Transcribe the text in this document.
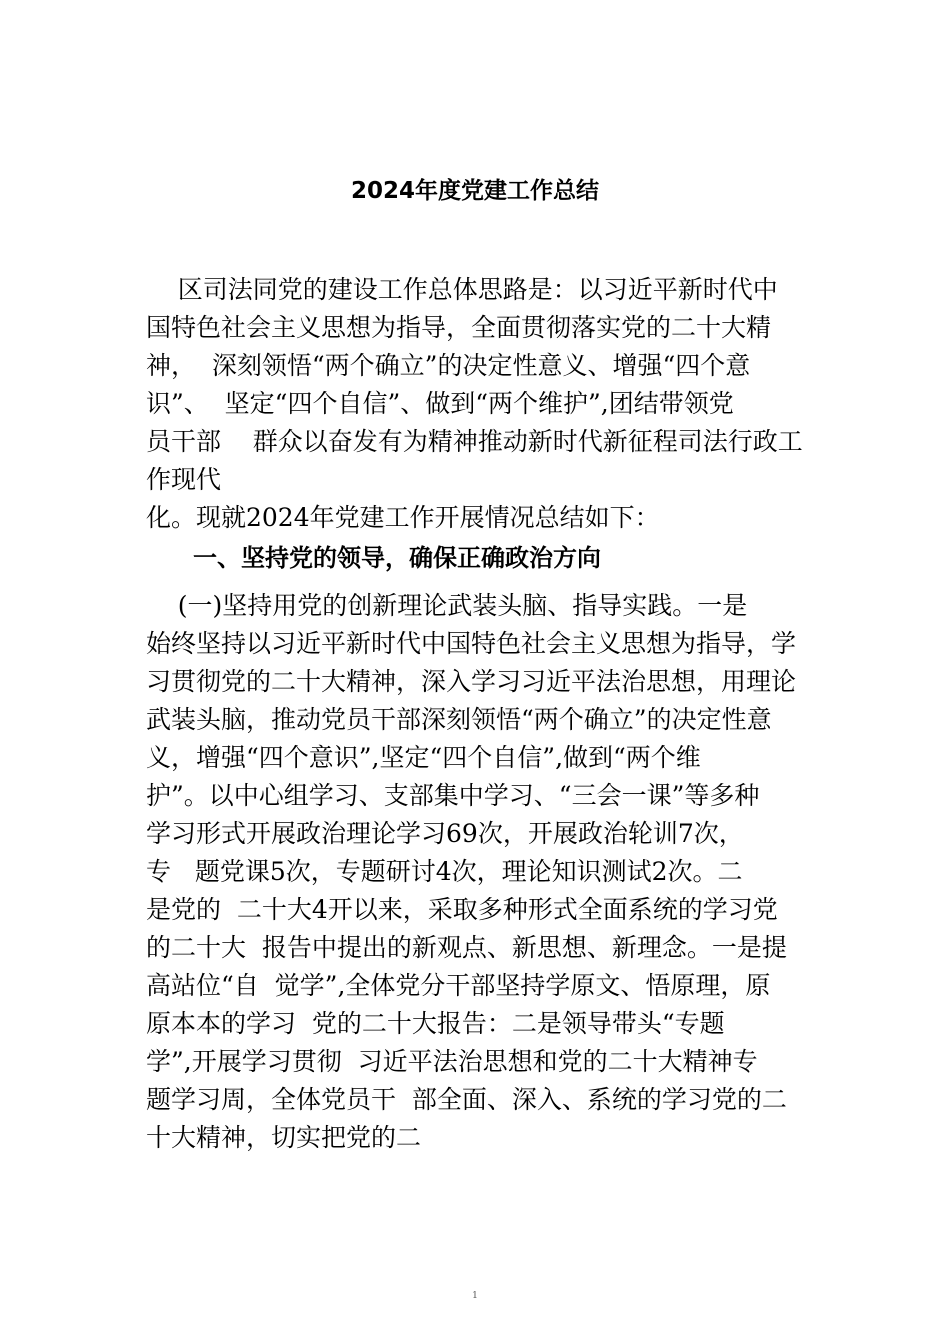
2024年度党建工作总结
区司法同党的建设工作总体思路是：以习近平新时代中
国特色社会主义思想为指导，全面贯彻落实党的二十大精
神，  深刻领悟“两个确立”的决定性意义、增强“四个意
识”、  坚定“四个自信”、做到“两个维护”,团结带领党
员干部    群众以奋发有为精神推动新时代新征程司法行政工
作现代
化。现就2024年党建工作开展情况总结如下：
一、坚持党的领导，确保正确政治方向
(一)坚持用党的创新理论武装头脑、指导实践。一是
始终坚持以习近平新时代中国特色社会主义思想为指导，学
习贯彻党的二十大精神，深入学习习近平法治思想，用理论
武装头脑，推动党员干部深刻领悟“两个确立”的决定性意
义，增强“四个意识”,坚定“四个自信”,做到“两个维
护”。以中心组学习、支部集中学习、“三会一课”等多种
学习形式开展政治理论学习69次，开展政治轮训7次，
专   题党课5次，专题研讨4次，理论知识测试2次。二
是党的  二十大4开以来，采取多种形式全面系统的学习党
的二十大  报告中提出的新观点、新思想、新理念。一是提
高站位“自  觉学”,全体党分干部坚持学原文、悟原理，原
原本本的学习  党的二十大报告：二是领导带头“专题
学”,开展学习贯彻  习近平法治思想和党的二十大精神专
题学习周，全体党员干  部全面、深入、系统的学习党的二
十大精神，切实把党的二
1
